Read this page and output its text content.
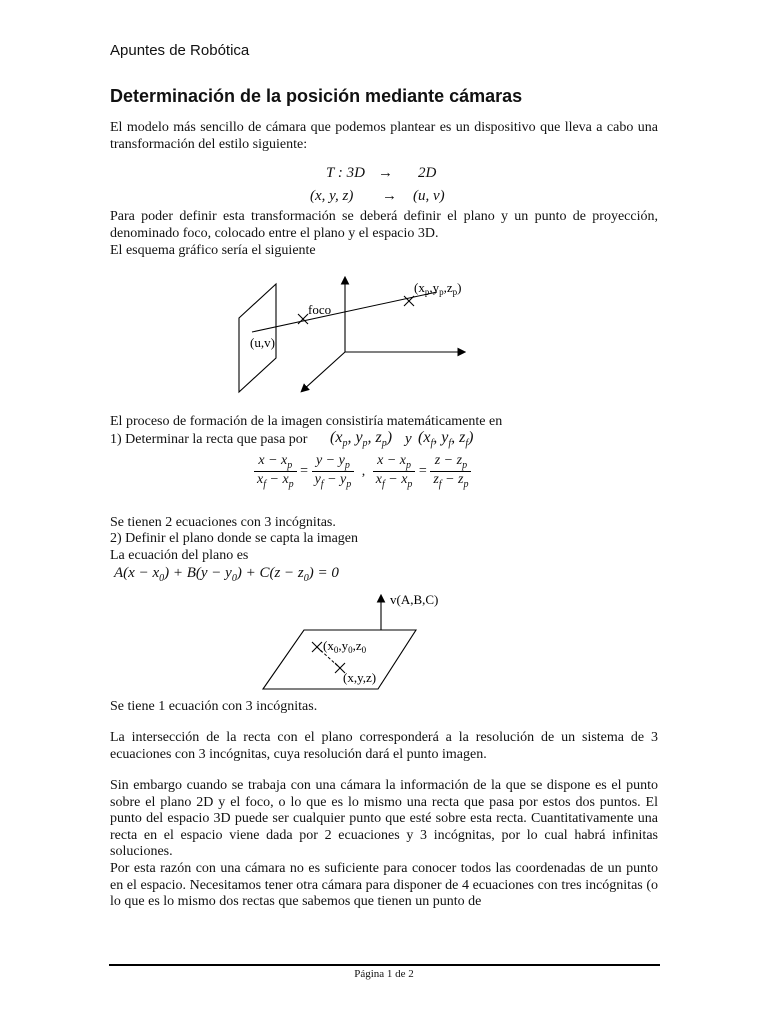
Apuntes de Robótica
Determinación de la posición mediante cámaras
El modelo más sencillo de cámara que podemos plantear es un dispositivo que lleva a cabo una transformación del estilo siguiente:
T : 3D → 2D
(x, y, z) → (u, v)
Para poder definir esta transformación se deberá definir el plano y un punto de proyección, denominado foco, colocado entre el plano y el espacio 3D.
El esquema gráfico sería el siguiente
$(x_p,y_p,z_p)$
foco
(u,v)
El proceso de formación de la imagen consistiría matemáticamente en
1) Determinar la recta que pasa por ($x_p$, $y_p$, $z_p$) y ($x_f$, $y_f$, $z_f$)
$\frac{x - x_p}{x_f - x_p} = \frac{y - y_p}{y_f - y_p}$ , $\frac{x - x_p}{x_f - x_p} = \frac{z - z_p}{z_f - z_p}$
Se tienen 2 ecuaciones con 3 incógnitas.
2) Definir el plano donde se capta la imagen
La ecuación del plano es
$A(x - x_0) + B(y - y_0) + C(z - z_0) = 0$
v(A,B,C)
($x_0,y_0,z_0$
(x,y,z)
Se tiene 1 ecuación con 3 incógnitas.
La intersección de la recta con el plano corresponderá a la resolución de un sistema de 3 ecuaciones con 3 incógnitas, cuya resolución dará el punto imagen.
Sin embargo cuando se trabaja con una cámara la información de la que se dispone es el punto sobre el plano 2D y el foco, o lo que es lo mismo una recta que pasa por estos dos puntos. El punto del espacio 3D puede ser cualquier punto que esté sobre esta recta. Cuantitativamente una recta en el espacio viene dada por 2 ecuaciones y 3 incógnitas, por lo cual habrá infinitas soluciones.
Por esta razón con una cámara no es suficiente para conocer todos las coordenadas de un punto en el espacio. Necesitamos tener otra cámara para disponer de 4 ecuaciones con tres incógnitas (o lo que es lo mismo dos rectas que sabemos que tienen un punto de
Página 1 de 2
